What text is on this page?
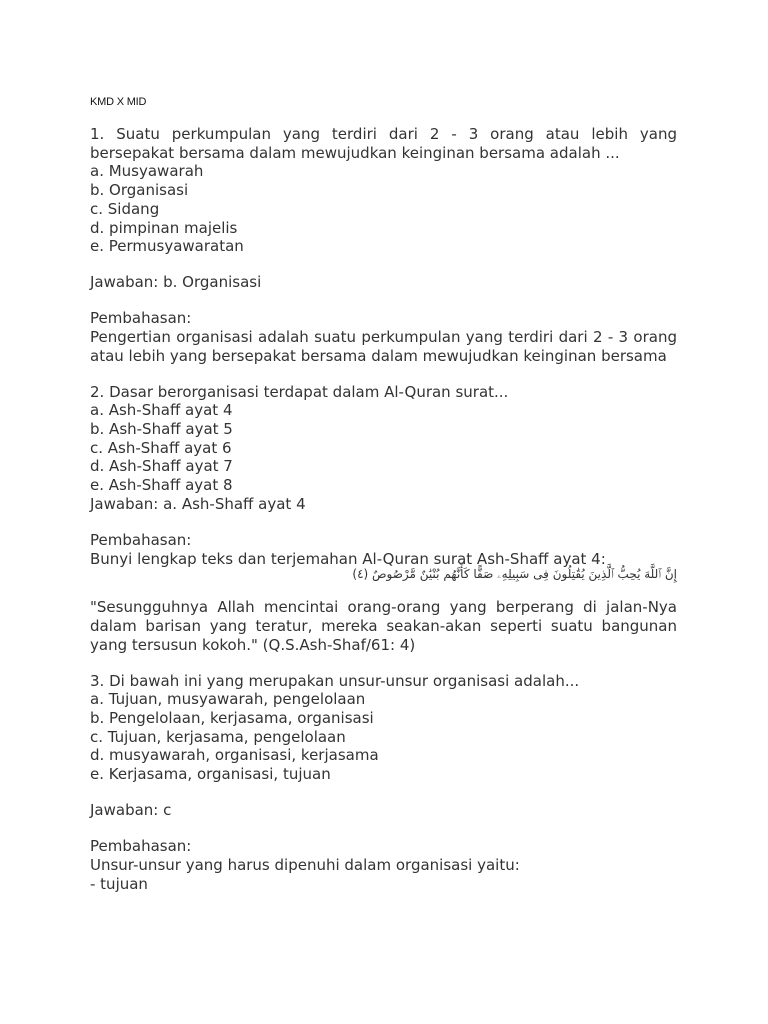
KMD X MID
1. Suatu perkumpulan yang terdiri dari 2 - 3 orang atau lebih yang bersepakat bersama dalam mewujudkan keinginan bersama adalah ...
a. Musyawarah
b. Organisasi
c. Sidang
d. pimpinan majelis
e. Permusyawaratan
Jawaban: b. Organisasi
Pembahasan:
Pengertian organisasi adalah suatu perkumpulan yang terdiri dari 2 - 3 orang atau lebih yang bersepakat bersama dalam mewujudkan keinginan bersama
2. Dasar berorganisasi terdapat dalam Al-Quran surat...
a. Ash-Shaff ayat 4
b. Ash-Shaff ayat 5
c. Ash-Shaff ayat 6
d. Ash-Shaff ayat 7
e. Ash-Shaff ayat 8
Jawaban: a. Ash-Shaff ayat 4
Pembahasan:
Bunyi lengkap teks dan terjemahan Al-Quran surat Ash-Shaff ayat 4:
إِنَّ ٱللَّهَ يُحِبُّ ٱلَّذِينَ يُقَٰتِلُونَ فِى سَبِيلِهِۦ صَفًّا كَأَنَّهُم بُنْيَٰنٌ مَّرْصُوصٌ (٤)
"Sesungguhnya Allah mencintai orang-orang yang berperang di jalan-Nya dalam barisan yang teratur, mereka seakan-akan seperti suatu bangunan yang tersusun kokoh." (Q.S.Ash-Shaf/61: 4)
3. Di bawah ini yang merupakan unsur-unsur organisasi adalah...
a. Tujuan, musyawarah, pengelolaan
b. Pengelolaan, kerjasama, organisasi
c. Tujuan, kerjasama, pengelolaan
d. musyawarah, organisasi, kerjasama
e. Kerjasama, organisasi, tujuan
Jawaban: c
Pembahasan:
Unsur-unsur yang harus dipenuhi dalam organisasi yaitu:
- tujuan
